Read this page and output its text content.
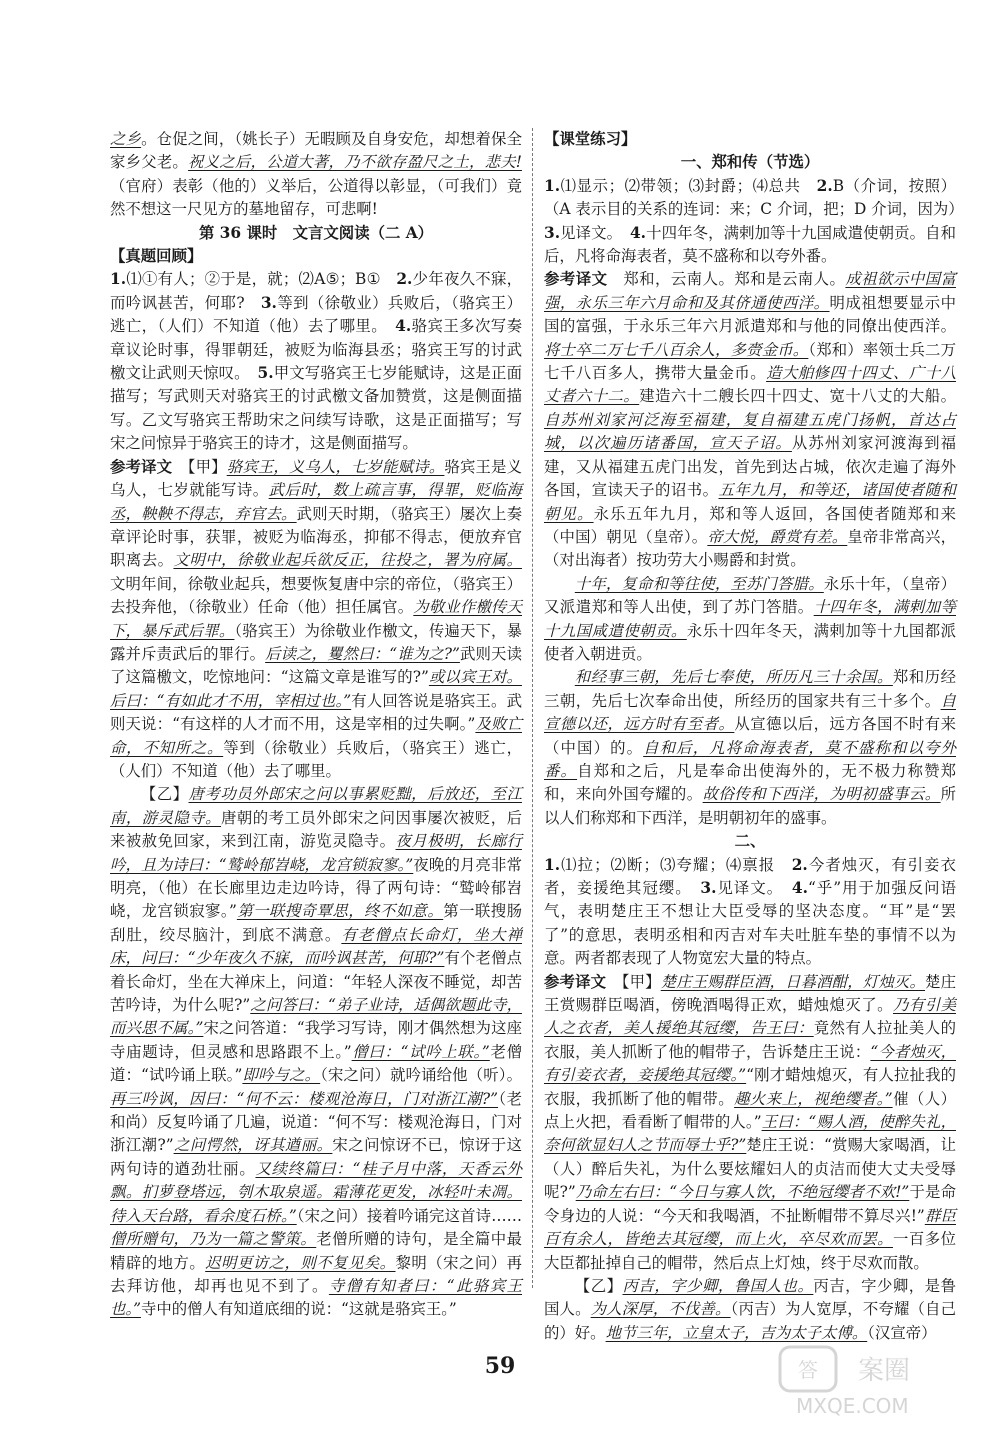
之乡。仓促之间，（姚长子）无暇顾及自身安危，却想着保全家乡父老。祝义之后，公道大著，乃不欲存盈尺之土，悲夫!（官府）表彰（他的）义举后，公道得以彰显，（可我们）竟然不想这一尺见方的墓地留存，可悲啊!

第 36 课时　文言文阅读（二 A）

【真题回顾】

1.⑴①有人；②于是，就；⑵A⑤；B①　2.少年夜久不寐，而吟讽甚苦，何耶?　3.等到（徐敬业）兵败后，（骆宾王）逃亡，（人们）不知道（他）去了哪里。　4.骆宾王多次写奏章议论时事，得罪朝廷，被贬为临海县丞；骆宾王写的讨武檄文让武则天惊叹。　5.甲文写骆宾王七岁能赋诗，这是正面描写；写武则天对骆宾王的讨武檄文备加赞赏，这是侧面描写。乙文写骆宾王帮助宋之问续写诗歌，这是正面描写；写宋之问惊异于骆宾王的诗才，这是侧面描写。

参考译文　【甲】骆宾王，义乌人，七岁能赋诗。骆宾王是义乌人，七岁就能写诗。武后时，数上疏言事，得罪，贬临海丞，鞅鞅不得志，弃官去。武则天时期，（骆宾王）屡次上奏章评论时事，获罪，被贬为临海丞，抑郁不得志，便放弃官职离去。文明中，徐敬业起兵欲反正，往投之，署为府属。文明年间，徐敬业起兵，想要恢复唐中宗的帝位，（骆宾王）去投奔他，（徐敬业）任命（他）担任属官。为敬业作檄传天下，暴斥武后罪。（骆宾王）为徐敬业作檄文，传遍天下，暴露并斥责武后的罪行。后读之，矍然曰：“谁为之?”武则天读了这篇檄文，吃惊地问：“这篇文章是谁写的?”或以宾王对。后曰：“有如此才不用，宰相过也。”有人回答说是骆宾王。武则天说：“有这样的人才而不用，这是宰相的过失啊。”及败亡命，不知所之。等到（徐敬业）兵败后，（骆宾王）逃亡，（人们）不知道（他）去了哪里。

【乙】唐考功员外郎宋之问以事累贬黜，后放还，至江南，游灵隐寺。唐朝的考工员外郎宋之问因事屡次被贬，后来被赦免回家，来到江南，游览灵隐寺。夜月极明，长廊行吟，且为诗曰：“鹫岭郁岧峣，龙宫锁寂寥。”夜晚的月亮非常明亮，（他）在长廊里边走边吟诗，得了两句诗：“鹫岭郁岧峣，龙宫锁寂寥。”第一联搜奇覃思，终不如意。第一联搜肠刮肚，绞尽脑汁，到底不满意。有老僧点长命灯，坐大禅床，问曰：“少年夜久不寐，而吟讽甚苦，何耶?”有个老僧点着长命灯，坐在大禅床上，问道：“年轻人深夜不睡觉，却苦苦吟诗，为什么呢?”之问答曰：“弟子业诗，适偶欲题此寺，而兴思不属。”宋之问答道：“我学习写诗，刚才偶然想为这座寺庙题诗，但灵感和思路跟不上。”僧曰：“试吟上联。”老僧道：“试吟诵上联。”即吟与之。（宋之问）就吟诵给他（听）。再三吟讽，因曰：“何不云：楼观沧海日，门对浙江潮?”（老和尚）反复吟诵了几遍，说道：“何不写：楼观沧海日，门对浙江潮?”之问愕然，讶其遒丽。宋之问惊讶不已，惊讶于这两句诗的遒劲壮丽。又续终篇曰：“桂子月中落，天香云外飘。扪萝登塔远，刳木取泉遥。霜薄花更发，冰轻叶未凋。待入天台路，看余度石桥。”（宋之问）接着吟诵完这首诗……僧所赠句，乃为一篇之警策。老僧所赠的诗句，是全篇中最精辟的地方。迟明更访之，则不复见矣。黎明（宋之问）再去拜访他，却再也见不到了。寺僧有知者曰：“此骆宾王也。”寺中的僧人有知道底细的说：“这就是骆宾王。”

【课堂练习】

一、郑和传（节选）

1.⑴显示；⑵带领；⑶封爵；⑷总共　2.B（介词，按照）（A 表示目的关系的连词：来；C 介词，把；D 介词，因为）　3.见译文。　4.十四年冬，满剌加等十九国咸遣使朝贡。自和后，凡将命海表者，莫不盛称和以夸外番。

参考译文　郑和，云南人。郑和是云南人。成祖欲示中国富强，永乐三年六月命和及其侪通使西洋。明成祖想要显示中国的富强，于永乐三年六月派遣郑和与他的同僚出使西洋。将士卒二万七千八百余人，多赍金币。（郑和）率领士兵二万七千八百多人，携带大量金币。造大舶修四十四丈、广十八丈者六十二。建造六十二艘长四十四丈、宽十八丈的大船。自苏州刘家河泛海至福建，复自福建五虎门扬帆，首达占城，以次遍历诸番国，宣天子诏。从苏州刘家河渡海到福建，又从福建五虎门出发，首先到达占城，依次走遍了海外各国，宣读天子的诏书。五年九月，和等还，诸国使者随和朝见。永乐五年九月，郑和等人返回，各国使者随郑和来（中国）朝见（皇帝）。帝大悦，爵赏有差。皇帝非常高兴，（对出海者）按功劳大小赐爵和封赏。

十年，复命和等往使，至苏门答腊。永乐十年，（皇帝）又派遣郑和等人出使，到了苏门答腊。十四年冬，满剌加等十九国咸遣使朝贡。永乐十四年冬天，满剌加等十九国都派使者入朝进贡。

和经事三朝，先后七奉使，所历凡三十余国。郑和历经三朝，先后七次奉命出使，所经历的国家共有三十多个。自宣德以还，远方时有至者。从宣德以后，远方各国不时有来（中国）的。自和后，凡将命海表者，莫不盛称和以夸外番。自郑和之后，凡是奉命出使海外的，无不极力称赞郑和，来向外国夸耀的。故俗传和下西洋，为明初盛事云。所以人们称郑和下西洋，是明朝初年的盛事。

二、

1.⑴拉；⑵断；⑶夸耀；⑷禀报　2.今者烛灭，有引妾衣者，妾援绝其冠缨。　3.见译文。　4.“乎”用于加强反问语气，表明楚庄王不想让大臣受辱的坚决态度。“耳”是“罢了”的意思，表明丞相和丙吉对车夫吐脏车垫的事情不以为意。两者都表现了人物宽宏大量的特点。

参考译文　【甲】楚庄王赐群臣酒，日暮酒酣，灯烛灭。楚庄王赏赐群臣喝酒，傍晚酒喝得正欢，蜡烛熄灭了。乃有引美人之衣者，美人援绝其冠缨，告王曰：竟然有人拉扯美人的衣服，美人抓断了他的帽带子，告诉楚庄王说：“今者烛灭，有引妾衣者，妾援绝其冠缨。”“刚才蜡烛熄灭，有人拉扯我的衣服，我抓断了他的帽带。趣火来上，视绝缨者。”催（人）点上火把，看看断了帽带的人。”王曰：“赐人酒，使醉失礼，奈何欲显妇人之节而辱士乎?”楚庄王说：“赏赐大家喝酒，让（人）醉后失礼，为什么要炫耀妇人的贞洁而使大丈夫受辱呢?”乃命左右曰：“今日与寡人饮，不绝冠缨者不欢!”于是命令身边的人说：“今天和我喝酒，不扯断帽带不算尽兴!”群臣百有余人，皆绝去其冠缨，而上火，卒尽欢而罢。一百多位大臣都扯掉自己的帽带，然后点上灯烛，终于尽欢而散。

【乙】丙吉，字少卿，鲁国人也。丙吉，字少卿，是鲁国人。为人深厚，不伐善。（丙吉）为人宽厚，不夸耀（自己的）好。地节三年，立皇太子，吉为太子太傅。（汉宣帝）

59	答 案圈
MXQE.COM
